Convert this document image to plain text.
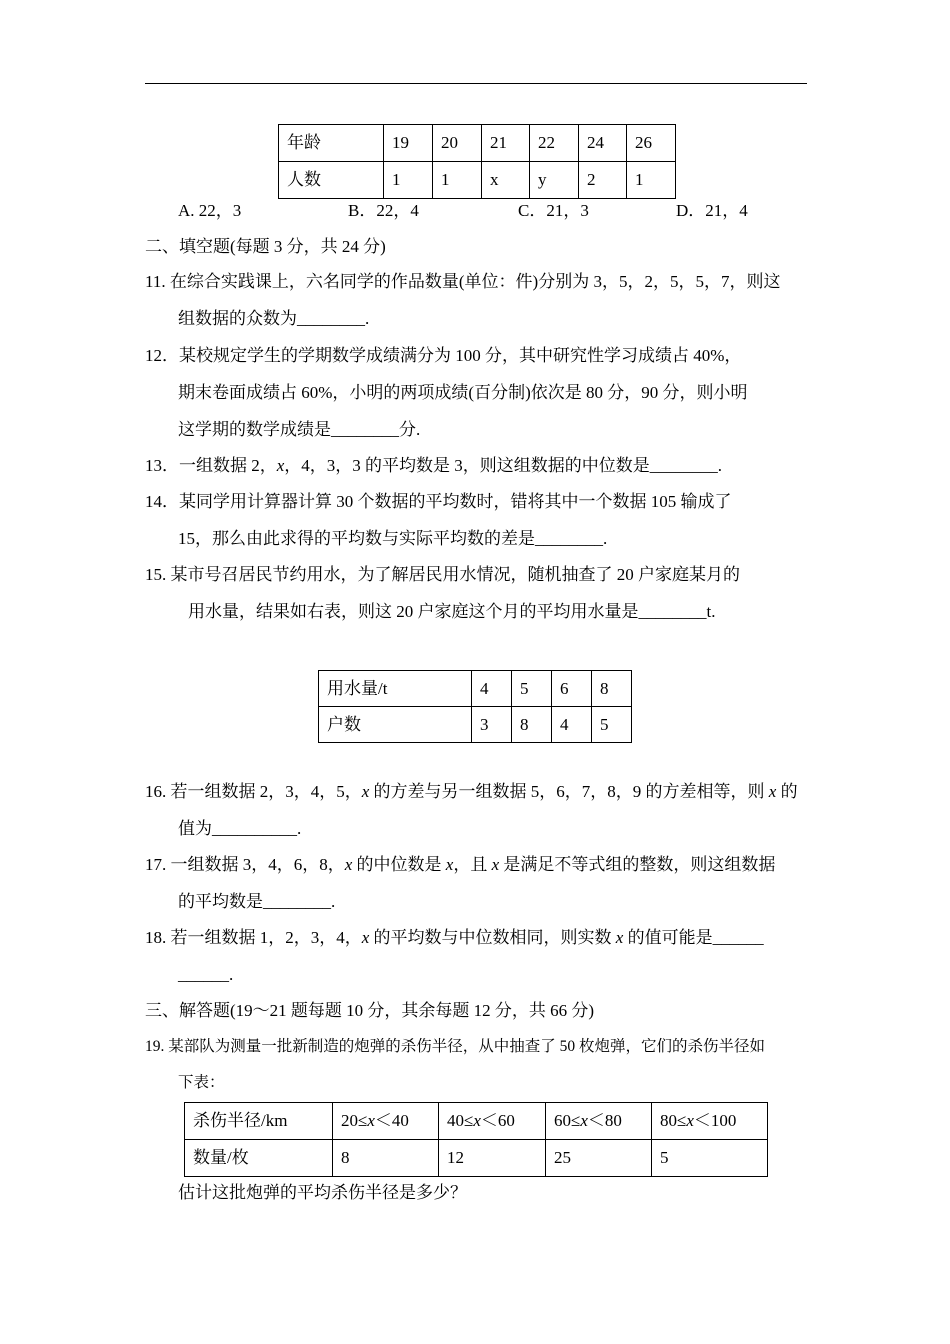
年龄	19	20	21	22	24	26
人数	1	1	x	y	2	1
A. 22，3	B．22，4	C．21，3	D．21，4
二、填空题(每题 3 分，共 24 分)
11. 在综合实践课上，六名同学的作品数量(单位：件)分别为 3，5，2，5，5，7，则这
组数据的众数为________.
12．某校规定学生的学期数学成绩满分为 100 分，其中研究性学习成绩占 40%，
期末卷面成绩占 60%，小明的两项成绩(百分制)依次是 80 分，90 分，则小明
这学期的数学成绩是________分.
13．一组数据 2，x，4，3，3 的平均数是 3，则这组数据的中位数是________.
14．某同学用计算器计算 30 个数据的平均数时，错将其中一个数据 105 输成了
15，那么由此求得的平均数与实际平均数的差是________.
15. 某市号召居民节约用水，为了解居民用水情况，随机抽查了 20 户家庭某月的
用水量，结果如右表，则这 20 户家庭这个月的平均用水量是________t.
用水量/t	4	5	6	8
户数	3	8	4	5
16. 若一组数据 2，3，4，5，x 的方差与另一组数据 5，6，7，8，9 的方差相等，则 x 的
值为__________.
17. 一组数据 3，4，6，8，x 的中位数是 x，且 x 是满足不等式组的整数，则这组数据
的平均数是________.
18. 若一组数据 1，2，3，4，x 的平均数与中位数相同，则实数 x 的值可能是______
______.
三、解答题(19～21 题每题 10 分，其余每题 12 分，共 66 分)
19. 某部队为测量一批新制造的炮弹的杀伤半径，从中抽查了 50 枚炮弹，它们的杀伤半径如
下表：
杀伤半径/km	20≤x＜40	40≤x＜60	60≤x＜80	80≤x＜100
数量/枚	8	12	25	5
估计这批炮弹的平均杀伤半径是多少？
